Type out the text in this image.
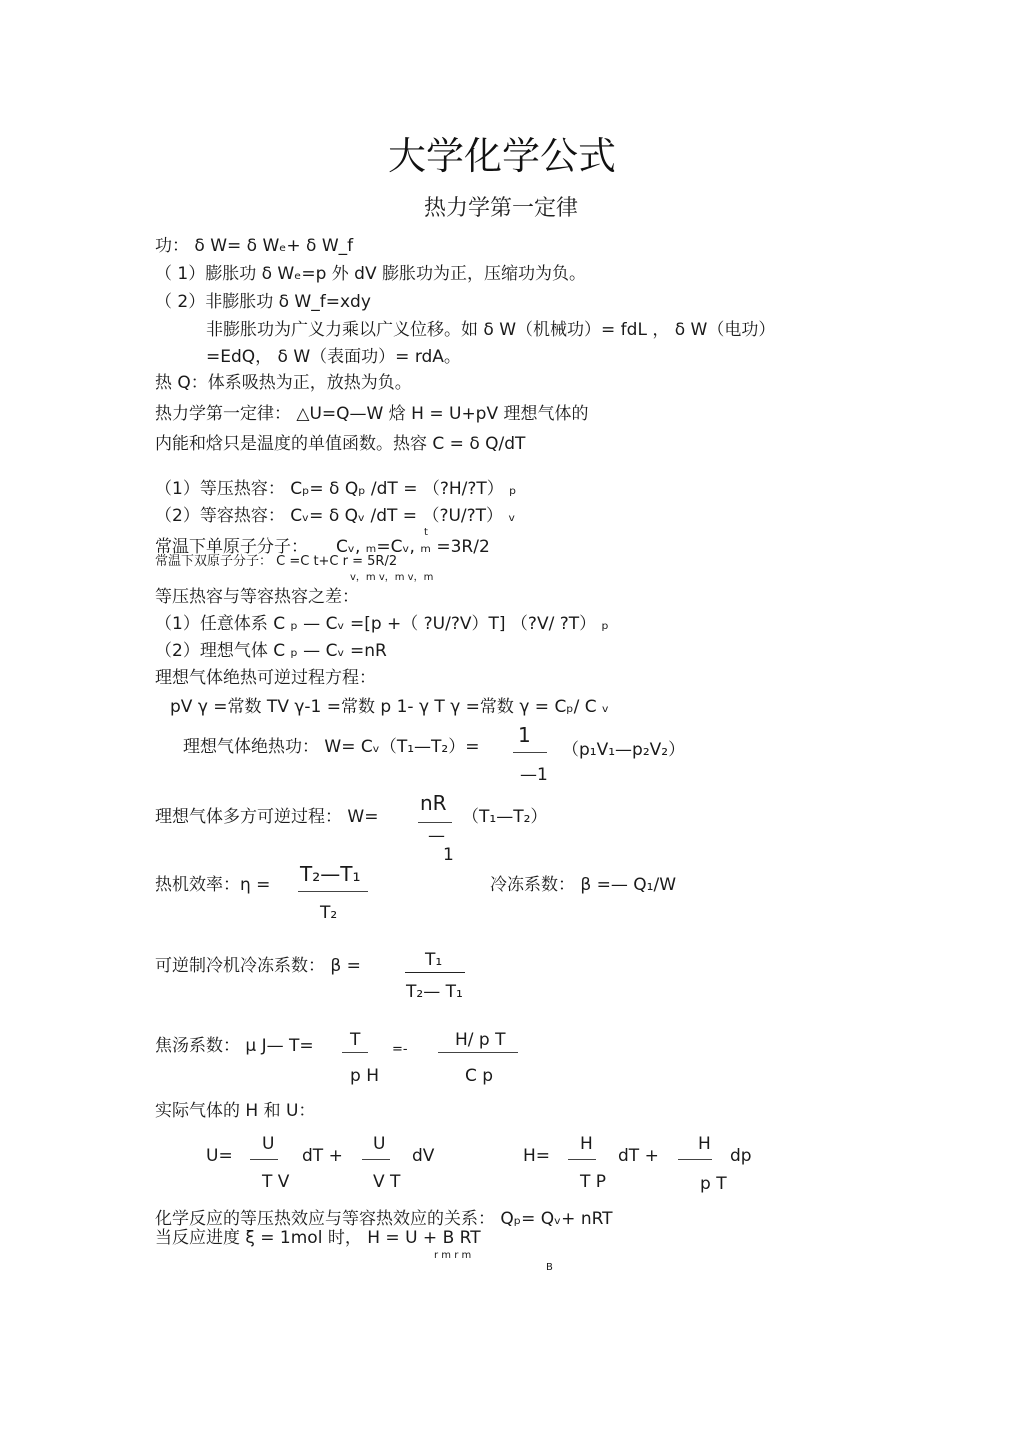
大学化学公式
热力学第一定律
功： δ W= δ Wₑ+ δ W_f
（ 1）膨胀功 δ Wₑ=p 外 dV 膨胀功为正，压缩功为负。
（ 2）非膨胀功 δ W_f=xdy
非膨胀功为广义力乘以广义位移。如 δ W（机械功）= fdL ， δ W（电功）
=EdQ， δ W（表面功）= rdA。
热 Q：体系吸热为正，放热为负。
热力学第一定律： △U=Q—W 焓 H = U+pV 理想气体的
内能和焓只是温度的单值函数。热容 C = δ Q/dT
（1）等压热容： Cₚ= δ Qₚ /dT = （?H/?T） ₚ
（2）等容热容： Cᵥ= δ Qᵥ /dT = （?U/?T） ᵥ
t
常温下单原子分子： Cᵥ, ₘ=Cᵥ, ₘ =3R/2
常温下双原子分子： C =C t+C r = 5R/2
v，m v，m v，m
等压热容与等容热容之差：
（1）任意体系 C ₚ — Cᵥ =[p +（ ?U/?V）T] （?V/ ?T） ₚ
（2）理想气体 C ₚ — Cᵥ =nR
理想气体绝热可逆过程方程：
pV γ =常数 TV γ-1 =常数 p 1- γ T γ =常数 γ = Cₚ/ C ᵥ
理想气体绝热功： W= Cᵥ（T₁—T₂）= 1
—1
（p₁V₁—p₂V₂）
理想气体多方可逆过程： W=
nR
—
1
（T₁—T₂）
热机效率：η = T₂—T₁
T₂
冷冻系数： β =— Q₁/W
可逆制冷机冷冻系数： β =	T₁
T₂— T₁
焦汤系数： μ J— T= T
p H
=-	H/ p T
C p
实际气体的 H 和 U：
U=
U
T V
dT +
U
V T
dV	H=
H
T P
dT +
H
p T
dp
化学反应的等压热效应与等容热效应的关系： Qₚ= Qᵥ+ nRT
当反应进度 ξ = 1mol 时， H = U + B RT
r m r m
B
